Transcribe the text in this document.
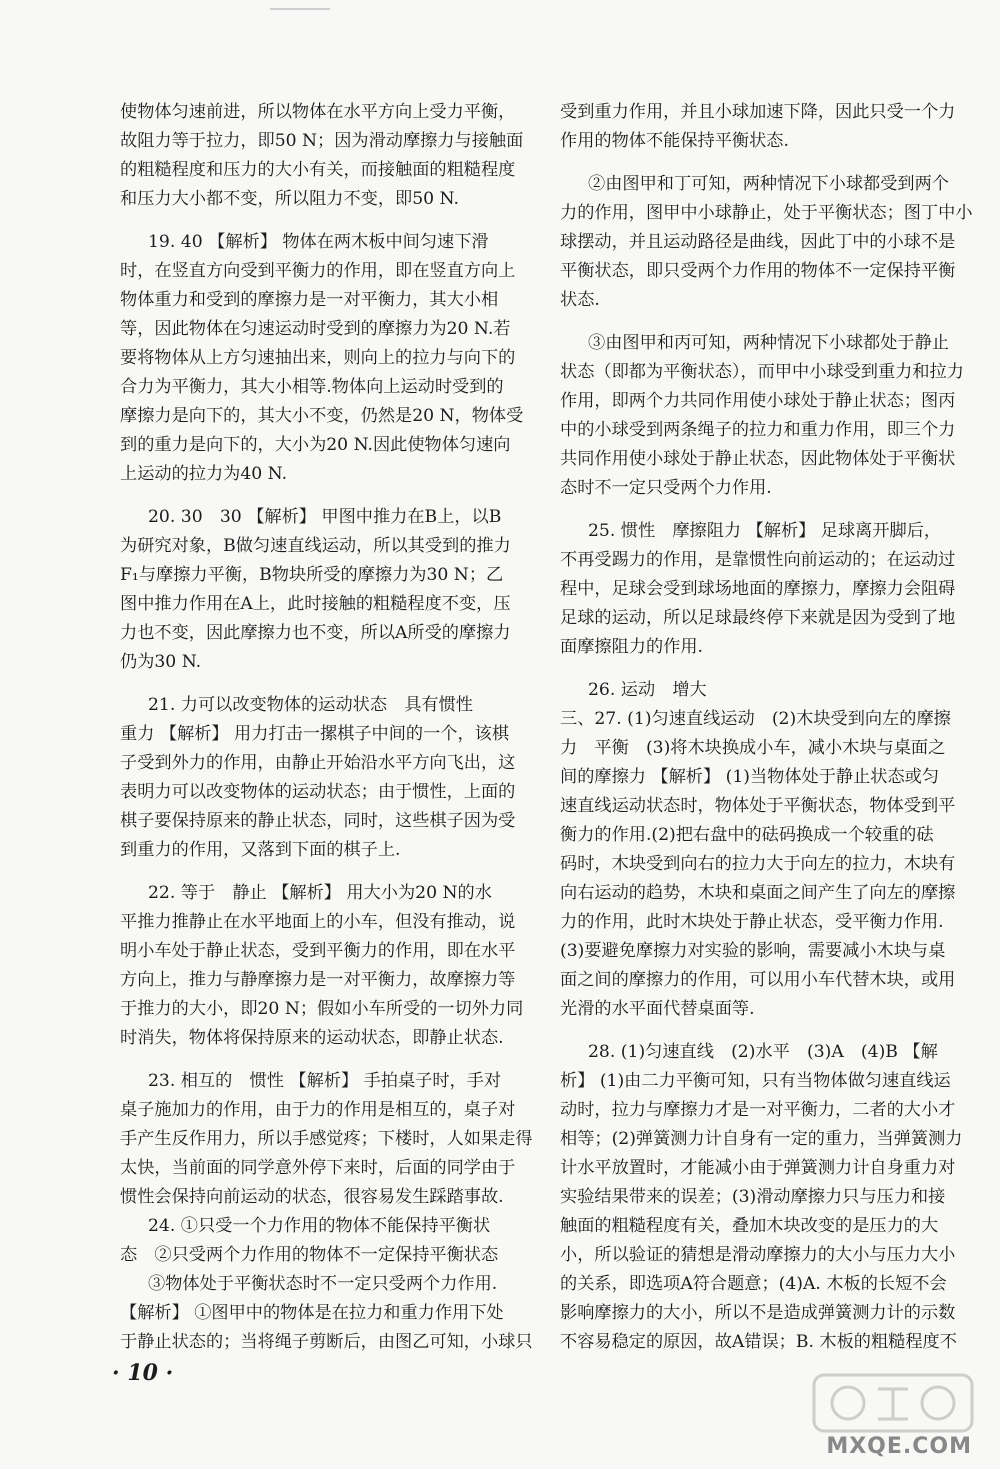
使物体匀速前进，所以物体在水平方向上受力平衡，
故阻力等于拉力，即50 N；因为滑动摩擦力与接触面
的粗糙程度和压力的大小有关，而接触面的粗糙程度
和压力大小都不变，所以阻力不变，即50 N.
19. 40 【解析】 物体在两木板中间匀速下滑
时，在竖直方向受到平衡力的作用，即在竖直方向上
物体重力和受到的摩擦力是一对平衡力，其大小相
等，因此物体在匀速运动时受到的摩擦力为20 N.若
要将物体从上方匀速抽出来，则向上的拉力与向下的
合力为平衡力，其大小相等.物体向上运动时受到的
摩擦力是向下的，其大小不变，仍然是20 N，物体受
到的重力是向下的，大小为20 N.因此使物体匀速向
上运动的拉力为40 N.
20. 30　30 【解析】 甲图中推力在B上，以B
为研究对象，B做匀速直线运动，所以其受到的推力
F₁与摩擦力平衡，B物块所受的摩擦力为30 N；乙
图中推力作用在A上，此时接触的粗糙程度不变，压
力也不变，因此摩擦力也不变，所以A所受的摩擦力
仍为30 N.
21. 力可以改变物体的运动状态　具有惯性
重力 【解析】 用力打击一摞棋子中间的一个，该棋
子受到外力的作用，由静止开始沿水平方向飞出，这
表明力可以改变物体的运动状态；由于惯性，上面的
棋子要保持原来的静止状态，同时，这些棋子因为受
到重力的作用，又落到下面的棋子上.
22. 等于　静止 【解析】 用大小为20 N的水
平推力推静止在水平地面上的小车，但没有推动，说
明小车处于静止状态，受到平衡力的作用，即在水平
方向上，推力与静摩擦力是一对平衡力，故摩擦力等
于推力的大小，即20 N；假如小车所受的一切外力同
时消失，物体将保持原来的运动状态，即静止状态.
23. 相互的　惯性 【解析】 手拍桌子时，手对
桌子施加力的作用，由于力的作用是相互的，桌子对
手产生反作用力，所以手感觉疼；下楼时，人如果走得
太快，当前面的同学意外停下来时，后面的同学由于
惯性会保持向前运动的状态，很容易发生踩踏事故.
24. ①只受一个力作用的物体不能保持平衡状
态　②只受两个力作用的物体不一定保持平衡状态
③物体处于平衡状态时不一定只受两个力作用.
【解析】 ①图甲中的物体是在拉力和重力作用下处
于静止状态的；当将绳子剪断后，由图乙可知，小球只
受到重力作用，并且小球加速下降，因此只受一个力
作用的物体不能保持平衡状态.
②由图甲和丁可知，两种情况下小球都受到两个
力的作用，图甲中小球静止，处于平衡状态；图丁中小
球摆动，并且运动路径是曲线，因此丁中的小球不是
平衡状态，即只受两个力作用的物体不一定保持平衡
状态.
③由图甲和丙可知，两种情况下小球都处于静止
状态（即都为平衡状态），而甲中小球受到重力和拉力
作用，即两个力共同作用使小球处于静止状态；图丙
中的小球受到两条绳子的拉力和重力作用，即三个力
共同作用使小球处于静止状态，因此物体处于平衡状
态时不一定只受两个力作用.
25. 惯性　摩擦阻力 【解析】 足球离开脚后，
不再受踢力的作用，是靠惯性向前运动的；在运动过
程中，足球会受到球场地面的摩擦力，摩擦力会阻碍
足球的运动，所以足球最终停下来就是因为受到了地
面摩擦阻力的作用.
26. 运动　增大
三、27. (1)匀速直线运动　(2)木块受到向左的摩擦
力　平衡　(3)将木块换成小车，减小木块与桌面之
间的摩擦力 【解析】 (1)当物体处于静止状态或匀
速直线运动状态时，物体处于平衡状态，物体受到平
衡力的作用.(2)把右盘中的砝码换成一个较重的砝
码时，木块受到向右的拉力大于向左的拉力，木块有
向右运动的趋势，木块和桌面之间产生了向左的摩擦
力的作用，此时木块处于静止状态，受平衡力作用.
(3)要避免摩擦力对实验的影响，需要减小木块与桌
面之间的摩擦力的作用，可以用小车代替木块，或用
光滑的水平面代替桌面等.
28. (1)匀速直线　(2)水平　(3)A　(4)B 【解
析】 (1)由二力平衡可知，只有当物体做匀速直线运
动时，拉力与摩擦力才是一对平衡力，二者的大小才
相等；(2)弹簧测力计自身有一定的重力，当弹簧测力
计水平放置时，才能减小由于弹簧测力计自身重力对
实验结果带来的误差；(3)滑动摩擦力只与压力和接
触面的粗糙程度有关，叠加木块改变的是压力的大
小，所以验证的猜想是滑动摩擦力的大小与压力大小
的关系，即选项A符合题意；(4)A. 木板的长短不会
影响摩擦力的大小，所以不是造成弹簧测力计的示数
不容易稳定的原因，故A错误；B. 木板的粗糙程度不
· 10 ·
MXQE.COM
